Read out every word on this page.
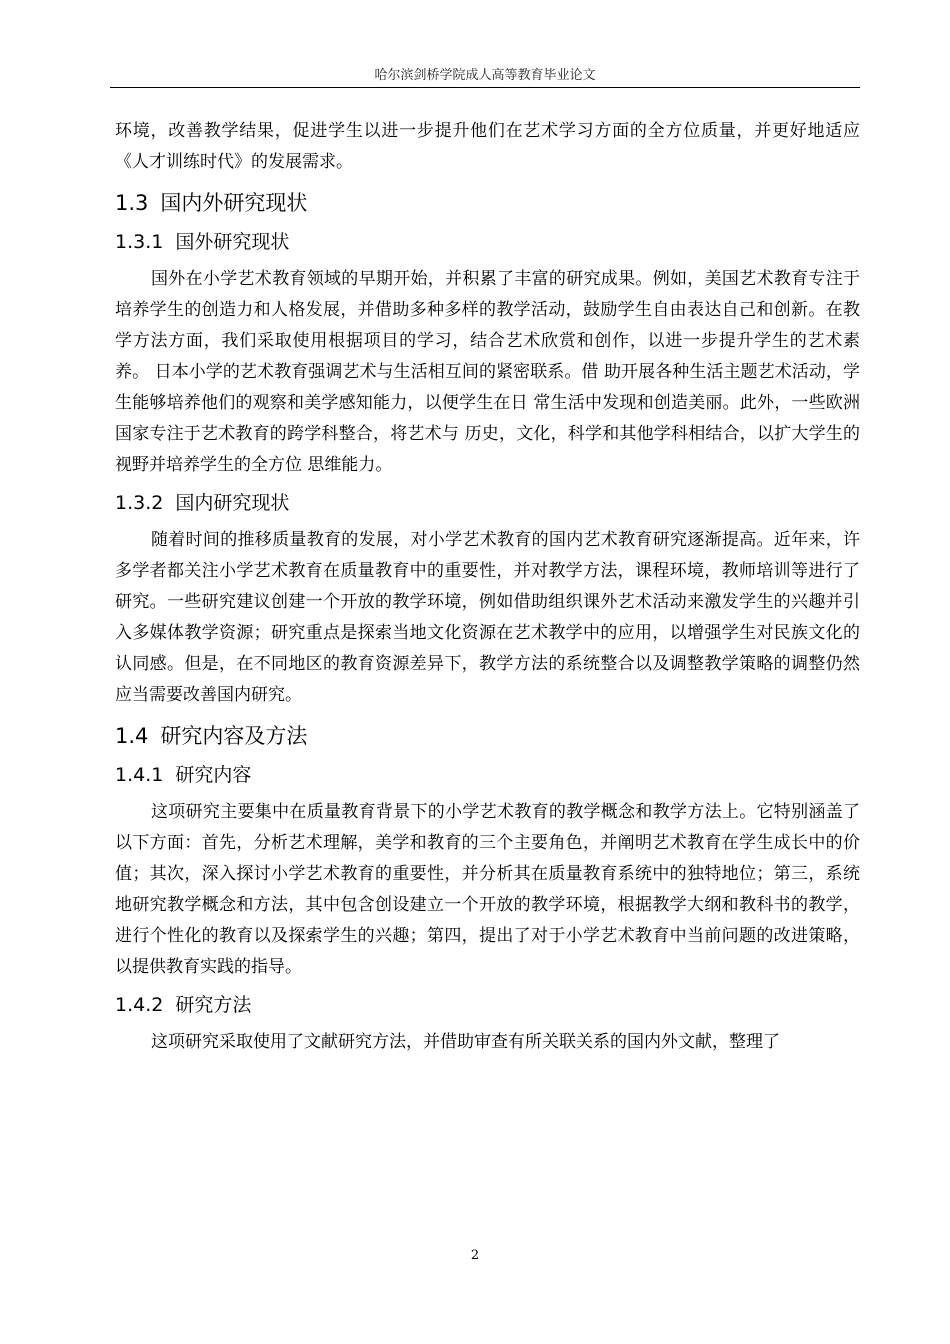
哈尔滨剑桥学院成人高等教育毕业论文

环境，改善教学结果，促进学生以进一步提升他们在艺术学习方面的全方位质量，并更好地适应《人才训练时代》的发展需求。

1.3 国内外研究现状
1.3.1 国外研究现状

国外在小学艺术教育领域的早期开始，并积累了丰富的研究成果。例如，美国艺术教育专注于培养学生的创造力和人格发展，并借助多种多样的教学活动，鼓励学生自由表达自己和创新。在教学方法方面，我们采取使用根据项目的学习，结合艺术欣赏和创作，以进一步提升学生的艺术素养。 日本小学的艺术教育强调艺术与生活相互间的紧密联系。借 助开展各种生活主题艺术活动，学生能够培养他们的观察和美学感知能力，以便学生在日 常生活中发现和创造美丽。此外，一些欧洲国家专注于艺术教育的跨学科整合，将艺术与 历史，文化，科学和其他学科相结合，以扩大学生的视野并培养学生的全方位 思维能力。

1.3.2 国内研究现状

随着时间的推移质量教育的发展，对小学艺术教育的国内艺术教育研究逐渐提高。近年来，许多学者都关注小学艺术教育在质量教育中的重要性，并对教学方法，课程环境，教师培训等进行了研究。一些研究建议创建一个开放的教学环境，例如借助组织课外艺术活动来激发学生的兴趣并引入多媒体教学资源；研究重点是探索当地文化资源在艺术教学中的应用，以增强学生对民族文化的认同感。但是，在不同地区的教育资源差异下，教学方法的系统整合以及调整教学策略的调整仍然应当需要改善国内研究。

1.4 研究内容及方法
1.4.1 研究内容

这项研究主要集中在质量教育背景下的小学艺术教育的教学概念和教学方法上。它特别涵盖了以下方面：首先，分析艺术理解，美学和教育的三个主要角色，并阐明艺术教育在学生成长中的价值；其次，深入探讨小学艺术教育的重要性，并分析其在质量教育系统中的独特地位；第三，系统地研究教学概念和方法，其中包含创设建立一个开放的教学环境，根据教学大纲和教科书的教学，进行个性化的教育以及探索学生的兴趣；第四，提出了对于小学艺术教育中当前问题的改进策略，以提供教育实践的指导。

1.4.2 研究方法

这项研究采取使用了文献研究方法，并借助审查有所关联关系的国内外文献，整理了

2
